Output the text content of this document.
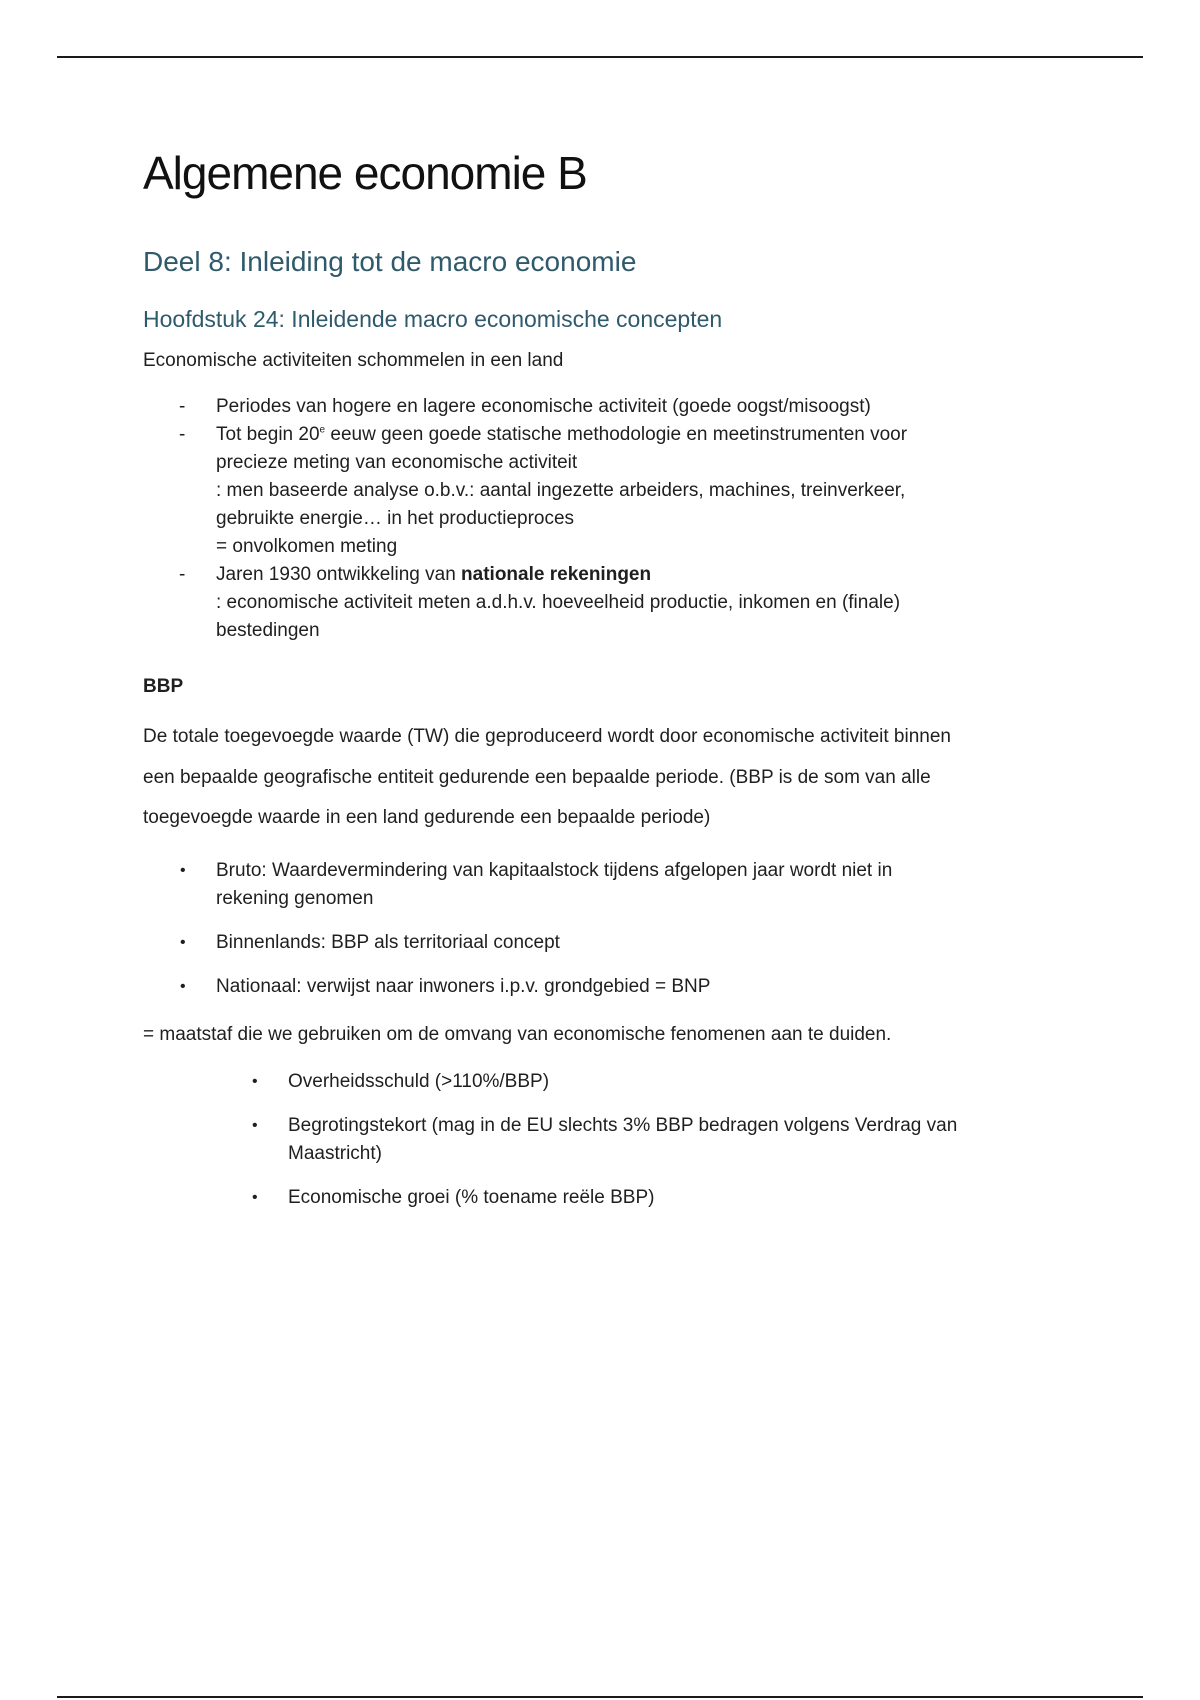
Algemene economie B
Deel 8: Inleiding tot de macro economie
Hoofdstuk 24: Inleidende macro economische concepten

Economische activiteiten schommelen in een land

- Periodes van hogere en lagere economische activiteit (goede oogst/misoogst)
- Tot begin 20e eeuw geen goede statische methodologie en meetinstrumenten voor
precieze meting van economische activiteit
: men baseerde analyse o.b.v.: aantal ingezette arbeiders, machines, treinverkeer,
gebruikte energie… in het productieproces
= onvolkomen meting
- Jaren 1930 ontwikkeling van nationale rekeningen
: economische activiteit meten a.d.h.v. hoeveelheid productie, inkomen en (finale)
bestedingen

BBP

De totale toegevoegde waarde (TW) die geproduceerd wordt door economische activiteit binnen
een bepaalde geografische entiteit gedurende een bepaalde periode. (BBP is de som van alle
toegevoegde waarde in een land gedurende een bepaalde periode)

• Bruto: Waardevermindering van kapitaalstock tijdens afgelopen jaar wordt niet in
rekening genomen
• Binnenlands: BBP als territoriaal concept
• Nationaal: verwijst naar inwoners i.p.v. grondgebied = BNP

= maatstaf die we gebruiken om de omvang van economische fenomenen aan te duiden.

• Overheidsschuld (>110%/BBP)
• Begrotingstekort (mag in de EU slechts 3% BBP bedragen volgens Verdrag van
Maastricht)
• Economische groei (% toename reële BBP)
